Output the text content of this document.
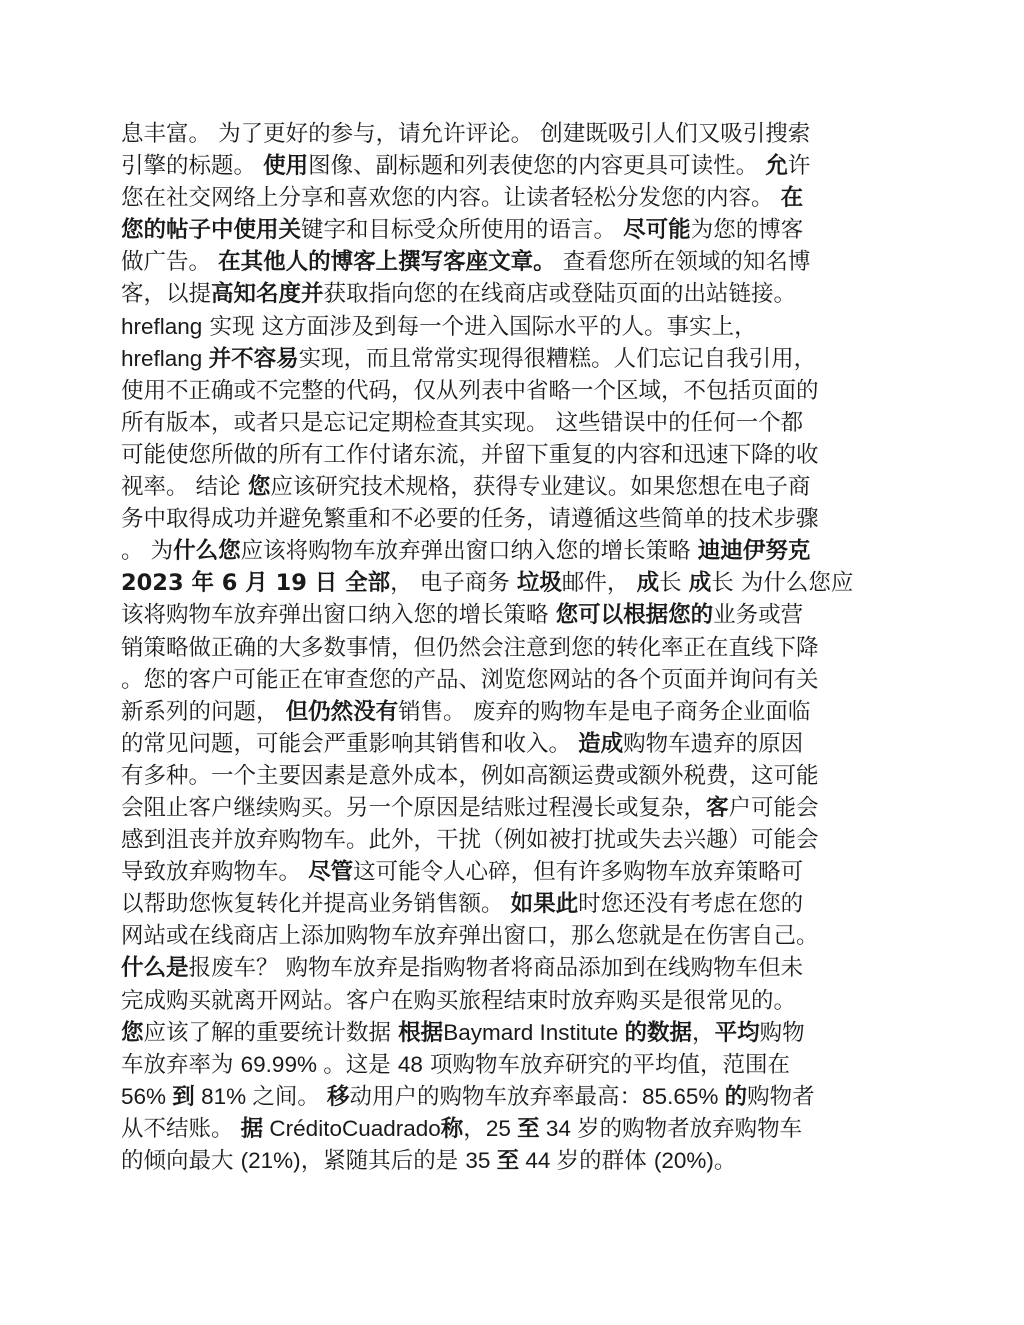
息丰富。 为了更好的参与，请允许评论。 创建既吸引人们又吸引搜索
引擎的标题。 使用图像、副标题和列表使您的内容更具可读性。 允许
您在社交网络上分享和喜欢您的内容。让读者轻松分发您的内容。 在
您的帖子中使用关键字和目标受众所使用的语言。 尽可能为您的博客
做广告。 在其他人的博客上撰写客座文章。 查看您所在领域的知名博
客，以提高知名度并获取指向您的在线商店或登陆页面的出站链接。
hreflang 实现 这方面涉及到每一个进入国际水平的人。事实上，
hreflang 并不容易实现，而且常常实现得很糟糕。人们忘记自我引用，
使用不正确或不完整的代码，仅从列表中省略一个区域，不包括页面的
所有版本，或者只是忘记定期检查其实现。 这些错误中的任何一个都
可能使您所做的所有工作付诸东流，并留下重复的内容和迅速下降的收
视率。 结论 您应该研究技术规格，获得专业建议。如果您想在电子商
务中取得成功并避免繁重和不必要的任务，请遵循这些简单的技术步骤
。 为什么您应该将购物车放弃弹出窗口纳入您的增长策略 迪迪伊努克
2023 年 6 月 19 日 全部， 电子商务 垃圾邮件， 成长 成长 为什么您应
该将购物车放弃弹出窗口纳入您的增长策略 您可以根据您的业务或营
销策略做正确的大多数事情，但仍然会注意到您的转化率正在直线下降
。您的客户可能正在审查您的产品、浏览您网站的各个页面并询问有关
新系列的问题， 但仍然没有销售。 废弃的购物车是电子商务企业面临
的常见问题，可能会严重影响其销售和收入。 造成购物车遗弃的原因
有多种。一个主要因素是意外成本，例如高额运费或额外税费，这可能
会阻止客户继续购买。另一个原因是结账过程漫长或复杂，客户可能会
感到沮丧并放弃购物车。此外，干扰（例如被打扰或失去兴趣）可能会
导致放弃购物车。 尽管这可能令人心碎，但有许多购物车放弃策略可
以帮助您恢复转化并提高业务销售额。 如果此时您还没有考虑在您的
网站或在线商店上添加购物车放弃弹出窗口，那么您就是在伤害自己。
什么是报废车？ 购物车放弃是指购物者将商品添加到在线购物车但未
完成购买就离开网站。客户在购买旅程结束时放弃购买是很常见的。
您应该了解的重要统计数据 根据Baymard Institute 的数据，平均购物
车放弃率为 69.99% 。这是 48 项购物车放弃研究的平均值，范围在
56% 到 81% 之间。 移动用户的购物车放弃率最高：85.65% 的购物者
从不结账。 据 CréditoCuadrado称，25 至 34 岁的购物者放弃购物车
的倾向最大 (21%)，紧随其后的是 35 至 44 岁的群体 (20%)。
